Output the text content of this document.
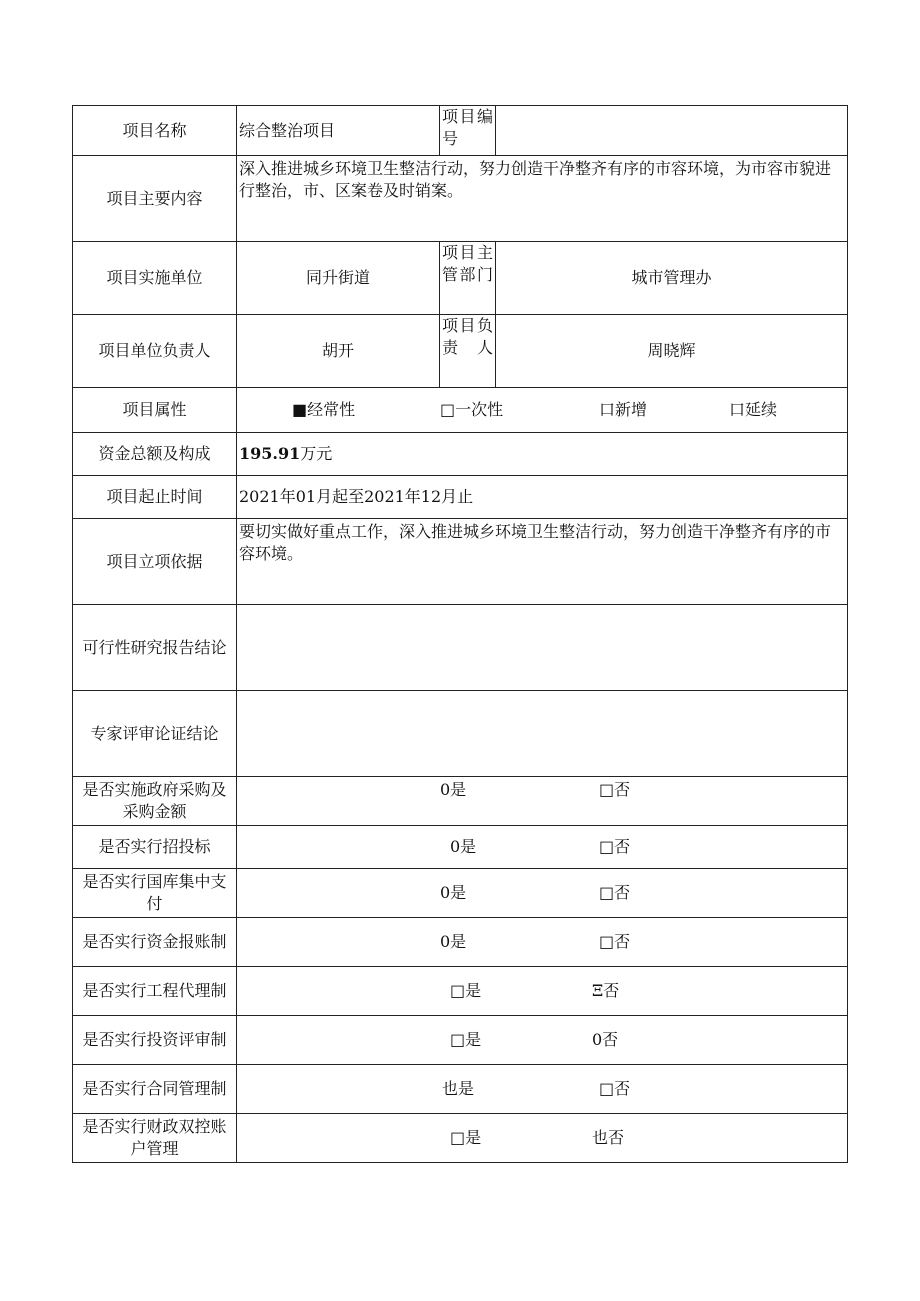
项目名称	综合整治项目	项目编号	
项目主要内容	深入推进城乡环境卫生整洁行动，努力创造干净整齐有序的市容环境，为市容市貌进行整治，市、区案卷及时销案。		
项目实施单位	同升街道	项目主管部门	城市管理办
项目单位负责人	胡开	项目负责人	周晓辉
项目属性	■经常性 □一次性 口新增 口延续		

资金总额及构成	195.91万元		
项目起止时间	2021年01月起至2021年12月止		
项目立项依据	要切实做好重点工作，深入推进城乡环境卫生整洁行动，努力创造干净整齐有序的市容环境。		
可行性研究报告结论			
专家评审论证结论			
是否实施政府采购及采购金额	0是 □否		

是否实行招投标	0是 □否		

是否实行国库集中支付	0是 □否		

是否实行资金报账制	0是 □否		

是否实行工程代理制	□是 Ξ否		

是否实行投资评审制	□是 0否		

是否实行合同管理制	也是 □否		

是否实行财政双控账户管理	□是 也否		
